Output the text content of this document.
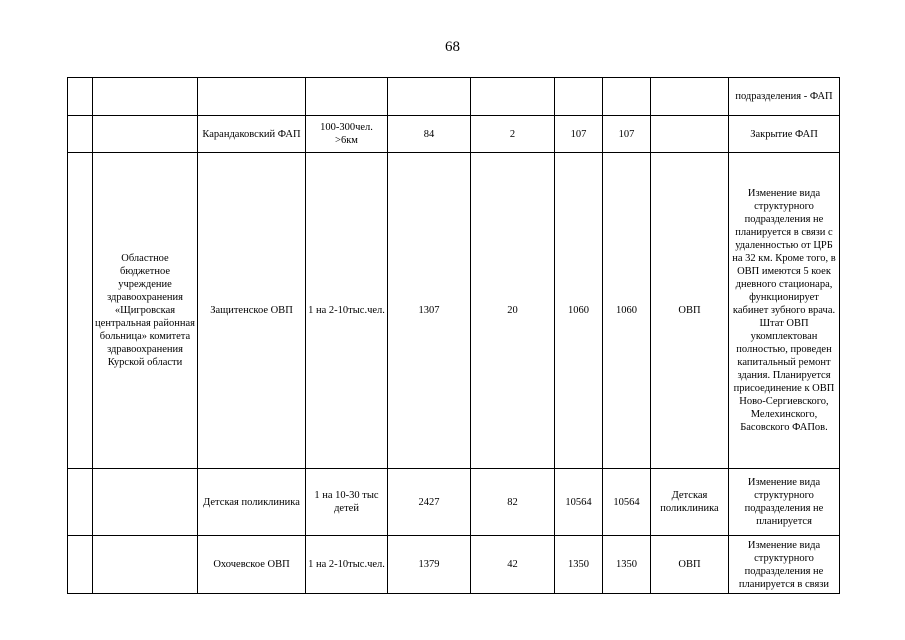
68
									подразделения - ФАП
		Карандаковский ФАП	100-300чел. >6км	84	2	107	107		Закрытие ФАП
	Областное бюджетное учреждение здравоохранения «Щигровская центральная районная больница» комитета здравоохранения Курской области	Защитенское ОВП	1 на 2-10тыс.чел.	1307	20	1060	1060	ОВП	Изменение вида структурного подразделения не планируется в связи с удаленностью от ЦРБ на 32 км. Кроме того, в ОВП имеются 5 коек дневного стационара, функционирует кабинет зубного врача. Штат ОВП укомплектован полностью, проведен капитальный ремонт здания. Планируется присоединение к ОВП Ново-Сергиевского, Мелехинского, Басовского ФАПов.
		Детская поликлиника	1 на 10-30 тыс детей	2427	82	10564	10564	Детская поликлиника	Изменение вида структурного подразделения не планируется
		Охочевское ОВП	1 на 2-10тыс.чел.	1379	42	1350	1350	ОВП	Изменение вида структурного подразделения не планируется в связи
